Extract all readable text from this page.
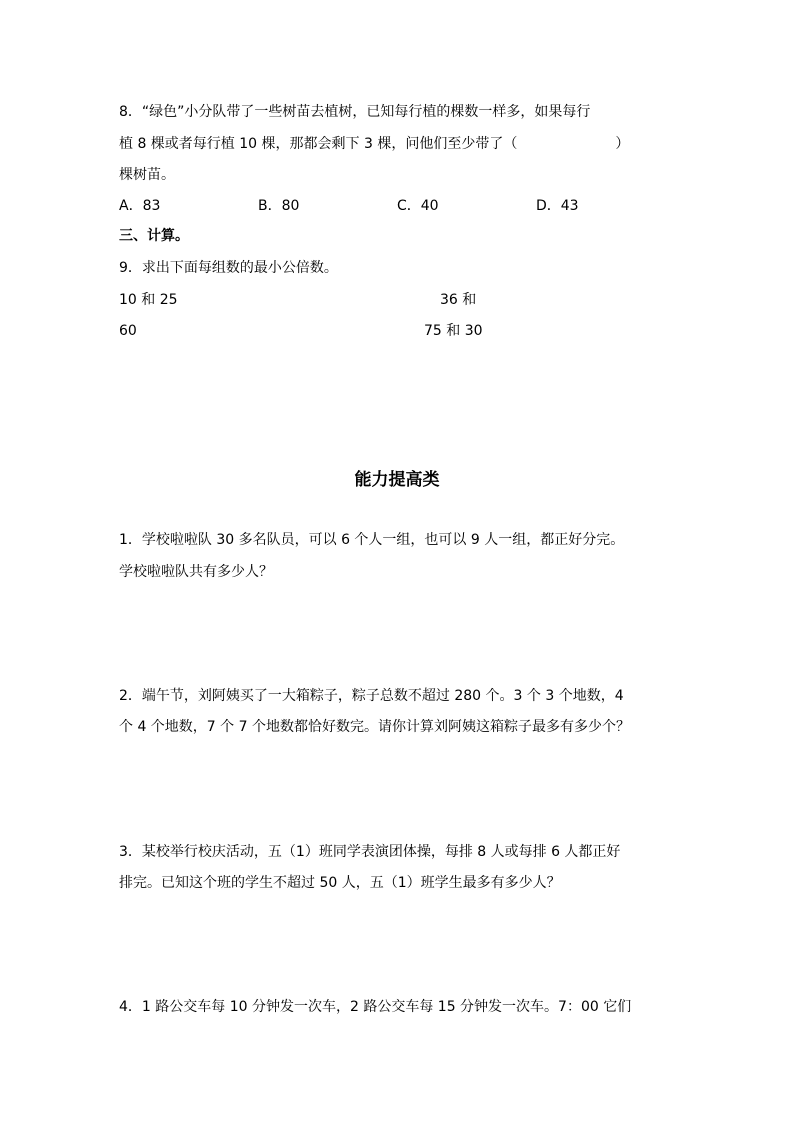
8．“绿色”小分队带了一些树苗去植树，已知每行植的棵数一样多，如果每行
植 8 棵或者每行植 10 棵，那都会剩下 3 棵，问他们至少带了（　　　　　　　）
棵树苗。
A．83	B．80	C．40	D．43
三、计算。
9．求出下面每组数的最小公倍数。
10 和 25	36 和
60	75 和 30
能力提高类
1．学校啦啦队 30 多名队员，可以 6 个人一组，也可以 9 人一组，都正好分完。
学校啦啦队共有多少人？
2．端午节，刘阿姨买了一大箱粽子，粽子总数不超过 280 个。3 个 3 个地数，4
个 4 个地数，7 个 7 个地数都恰好数完。请你计算刘阿姨这箱粽子最多有多少个？
3．某校举行校庆活动，五（1）班同学表演团体操，每排 8 人或每排 6 人都正好
排完。已知这个班的学生不超过 50 人，五（1）班学生最多有多少人？
4．1 路公交车每 10 分钟发一次车，2 路公交车每 15 分钟发一次车。7：00 它们
